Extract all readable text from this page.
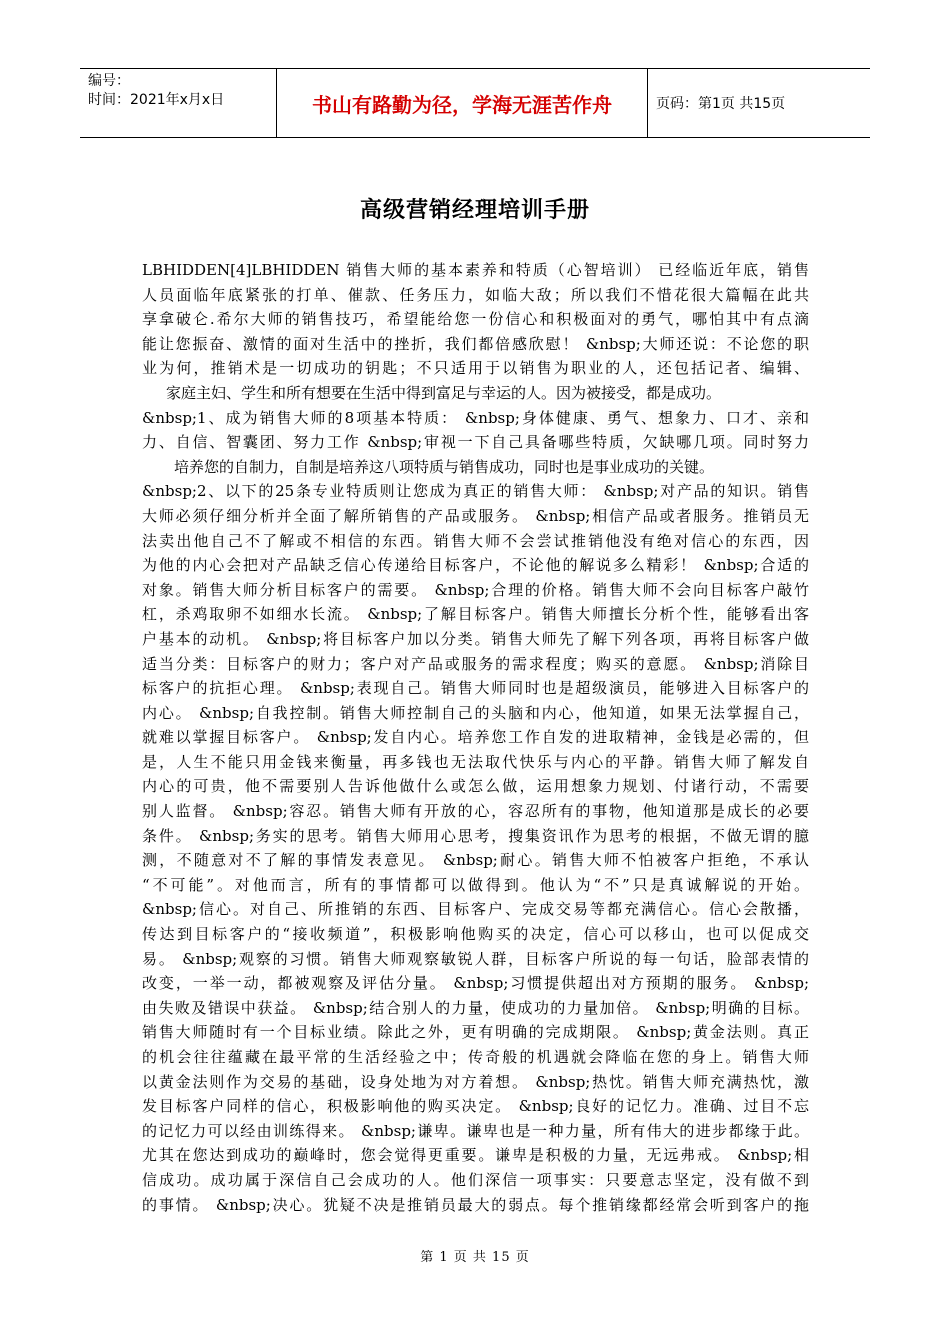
编号：
时间：2021年x月x日	书山有路勤为径，学海无涯苦作舟	页码：第1页 共15页
高级营销经理培训手册
LBHIDDEN[4]LBHIDDEN 销售大师的基本素养和特质（心智培训） 已经临近年底，销售
人员面临年底紧张的打单、催款、任务压力，如临大敌；所以我们不惜花很大篇幅在此共
享拿破仑.希尔大师的销售技巧，希望能给您一份信心和积极面对的勇气，哪怕其中有点滴
能让您振奋、激情的面对生活中的挫折，我们都倍感欣慰！ &nbsp;大师还说：不论您的职
业为何，推销术是一切成功的钥匙；不只适用于以销售为职业的人，还包括记者、编辑、
家庭主妇、学生和所有想要在生活中得到富足与幸运的人。因为被接受，都是成功。
&nbsp;1、成为销售大师的8项基本特质： &nbsp;身体健康、勇气、想象力、口才、亲和
力、自信、智囊团、努力工作 &nbsp;审视一下自己具备哪些特质，欠缺哪几项。同时努力
培养您的自制力，自制是培养这八项特质与销售成功，同时也是事业成功的关键。
&nbsp;2、以下的25条专业特质则让您成为真正的销售大师： &nbsp;对产品的知识。销售
大师必须仔细分析并全面了解所销售的产品或服务。 &nbsp;相信产品或者服务。推销员无
法卖出他自己不了解或不相信的东西。销售大师不会尝试推销他没有绝对信心的东西，因
为他的内心会把对产品缺乏信心传递给目标客户，不论他的解说多么精彩！ &nbsp;合适的
对象。销售大师分析目标客户的需要。 &nbsp;合理的价格。销售大师不会向目标客户敲竹
杠，杀鸡取卵不如细水长流。 &nbsp;了解目标客户。销售大师擅长分析个性，能够看出客
户基本的动机。 &nbsp;将目标客户加以分类。销售大师先了解下列各项，再将目标客户做
适当分类：目标客户的财力；客户对产品或服务的需求程度；购买的意愿。 &nbsp;消除目
标客户的抗拒心理。 &nbsp;表现自己。销售大师同时也是超级演员，能够进入目标客户的
内心。 &nbsp;自我控制。销售大师控制自己的头脑和内心，他知道，如果无法掌握自己，
就难以掌握目标客户。 &nbsp;发自内心。培养您工作自发的进取精神，金钱是必需的，但
是，人生不能只用金钱来衡量，再多钱也无法取代快乐与内心的平静。销售大师了解发自
内心的可贵，他不需要别人告诉他做什么或怎么做，运用想象力规划、付诸行动，不需要
别人监督。 &nbsp;容忍。销售大师有开放的心，容忍所有的事物，他知道那是成长的必要
条件。 &nbsp;务实的思考。销售大师用心思考，搜集资讯作为思考的根据，不做无谓的臆
测，不随意对不了解的事情发表意见。 &nbsp;耐心。销售大师不怕被客户拒绝，不承认
“不可能”。对他而言，所有的事情都可以做得到。他认为“不”只是真诚解说的开始。
&nbsp;信心。对自己、所推销的东西、目标客户、完成交易等都充满信心。信心会散播，
传达到目标客户的“接收频道”，积极影响他购买的决定，信心可以移山，也可以促成交
易。 &nbsp;观察的习惯。销售大师观察敏锐人群，目标客户所说的每一句话，脸部表情的
改变，一举一动，都被观察及评估分量。 &nbsp;习惯提供超出对方预期的服务。 &nbsp;
由失败及错误中获益。 &nbsp;结合别人的力量，使成功的力量加倍。 &nbsp;明确的目标。
销售大师随时有一个目标业绩。除此之外，更有明确的完成期限。 &nbsp;黄金法则。真正
的机会往往蕴藏在最平常的生活经验之中；传奇般的机遇就会降临在您的身上。销售大师
以黄金法则作为交易的基础，设身处地为对方着想。 &nbsp;热忱。销售大师充满热忱，激
发目标客户同样的信心，积极影响他的购买决定。 &nbsp;良好的记忆力。准确、过目不忘
的记忆力可以经由训练得来。 &nbsp;谦卑。谦卑也是一种力量，所有伟大的进步都缘于此。
尤其在您达到成功的巅峰时，您会觉得更重要。谦卑是积极的力量，无远弗戒。 &nbsp;相
信成功。成功属于深信自己会成功的人。他们深信一项事实：只要意志坚定，没有做不到
的事情。 &nbsp;决心。犹疑不决是推销员最大的弱点。每个推销缘都经常会听到客户的拖
第 1 页 共 15 页
